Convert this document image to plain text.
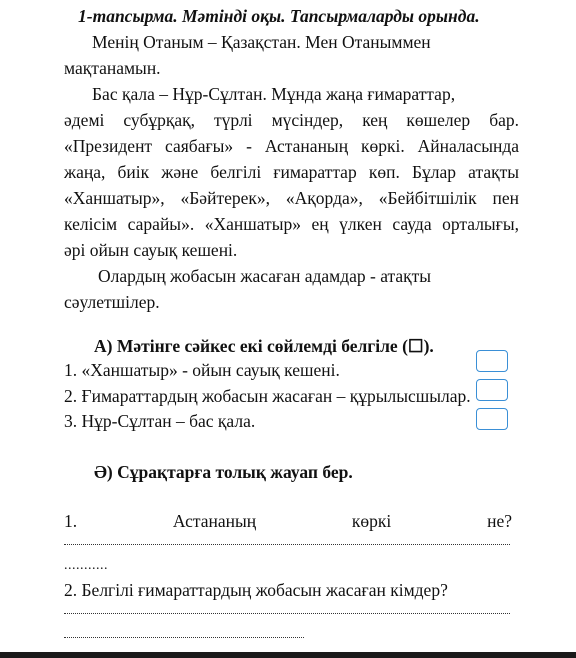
1-тапсырма. Мәтінді оқы. Тапсырмаларды орында.
Менің Отаным – Қазақстан. Мен Отаныммен
мақтанамын.
Бас қала – Нұр-Сұлтан. Мұнда жаңа ғимараттар,
әдемі субұрқақ, түрлі мүсіндер, кең көшелер бар.
«Президент саябағы» - Астананың көркі. Айналасында
жаңа, биік және белгілі ғимараттар көп. Бұлар атақты
«Ханшатыр», «Бәйтерек», «Ақорда», «Бейбітшілік пен
келісім сарайы». «Ханшатыр» ең үлкен сауда орталығы,
әрі ойын сауық кешені.
Олардың жобасын жасаған адамдар - атақты
сәулетшілер.
А) Мәтінге сәйкес екі сөйлемді белгіле (☐).
1. «Ханшатыр» - ойын сауық кешені.
2. Ғимараттардың жобасын жасаған – құрылысшылар.
3. Нұр-Сұлтан – бас қала.
Ә) Сұрақтарға толық жауап бер.
1.	Астананың	көркі	не?
...........
2. Белгілі ғимараттардың жобасын жасаған кімдер?
